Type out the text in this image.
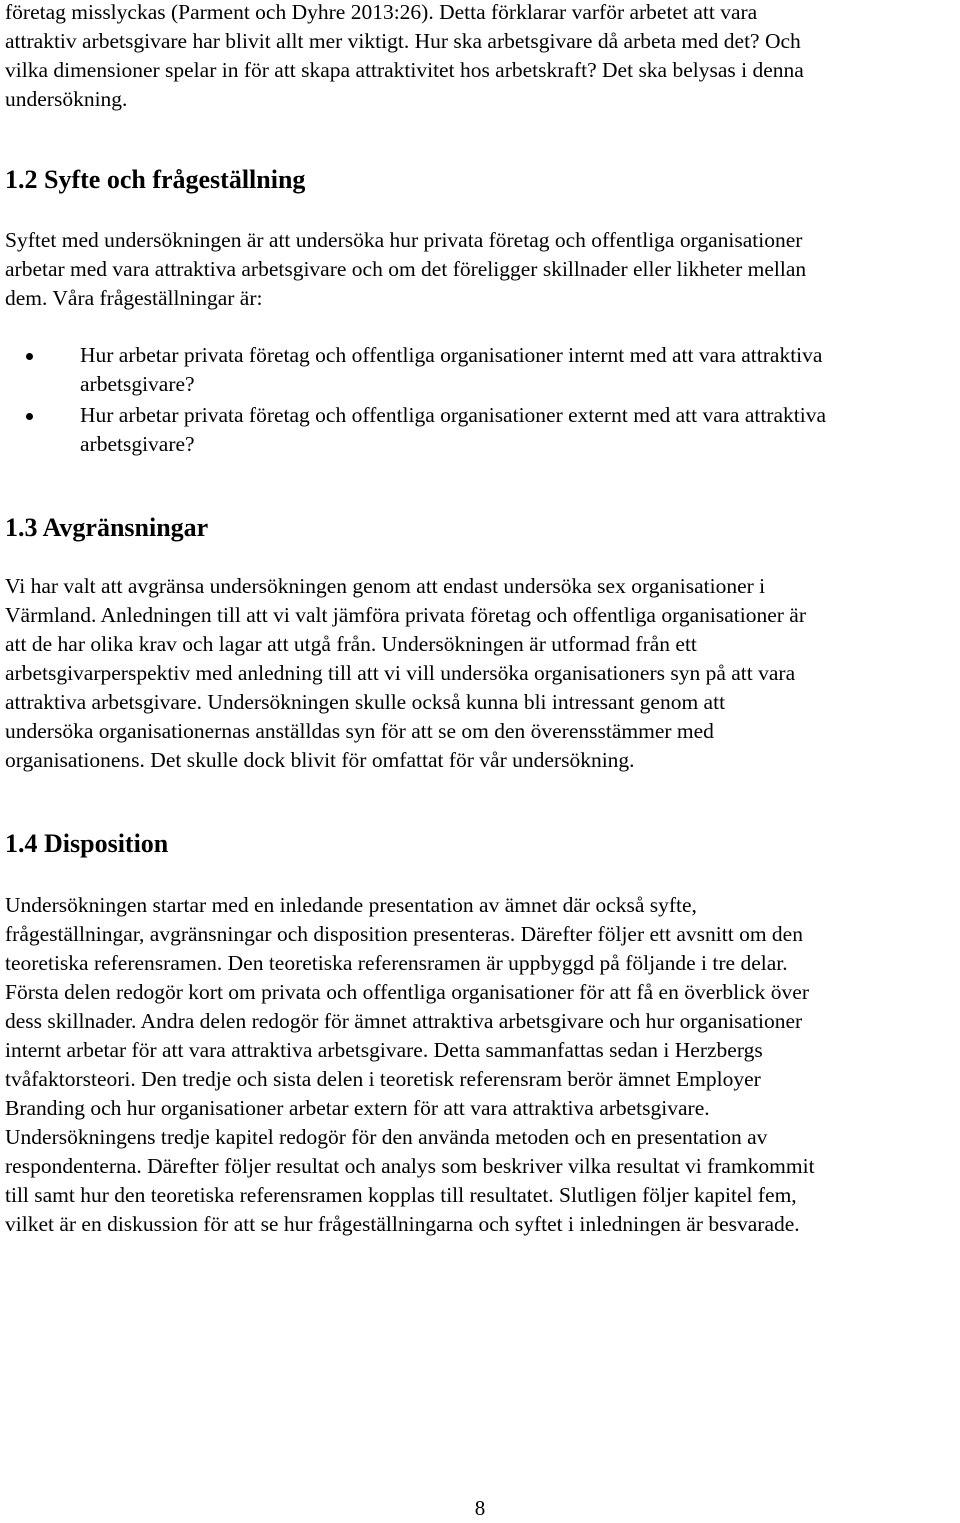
företag misslyckas (Parment och Dyhre 2013:26). Detta förklarar varför arbetet att vara
attraktiv arbetsgivare har blivit allt mer viktigt. Hur ska arbetsgivare då arbeta med det? Och
vilka dimensioner spelar in för att skapa attraktivitet hos arbetskraft? Det ska belysas i denna
undersökning.

1.2 Syfte och frågeställning

Syftet med undersökningen är att undersöka hur privata företag och offentliga organisationer
arbetar med vara attraktiva arbetsgivare och om det föreligger skillnader eller likheter mellan
dem. Våra frågeställningar är:

Hur arbetar privata företag och offentliga organisationer internt med att vara attraktiva
arbetsgivare?
Hur arbetar privata företag och offentliga organisationer externt med att vara attraktiva
arbetsgivare?
1.3 Avgränsningar

Vi har valt att avgränsa undersökningen genom att endast undersöka sex organisationer i
Värmland. Anledningen till att vi valt jämföra privata företag och offentliga organisationer är
att de har olika krav och lagar att utgå från. Undersökningen är utformad från ett
arbetsgivarperspektiv med anledning till att vi vill undersöka organisationers syn på att vara
attraktiva arbetsgivare. Undersökningen skulle också kunna bli intressant genom att
undersöka organisationernas anställdas syn för att se om den överensstämmer med
organisationens. Det skulle dock blivit för omfattat för vår undersökning.

1.4 Disposition

Undersökningen startar med en inledande presentation av ämnet där också syfte,
frågeställningar, avgränsningar och disposition presenteras. Därefter följer ett avsnitt om den
teoretiska referensramen. Den teoretiska referensramen är uppbyggd på följande i tre delar.
Första delen redogör kort om privata och offentliga organisationer för att få en överblick över
dess skillnader. Andra delen redogör för ämnet attraktiva arbetsgivare och hur organisationer
internt arbetar för att vara attraktiva arbetsgivare. Detta sammanfattas sedan i Herzbergs
tvåfaktorsteori. Den tredje och sista delen i teoretisk referensram berör ämnet Employer
Branding och hur organisationer arbetar extern för att vara attraktiva arbetsgivare.
Undersökningens tredje kapitel redogör för den använda metoden och en presentation av
respondenterna. Därefter följer resultat och analys som beskriver vilka resultat vi framkommit
till samt hur den teoretiska referensramen kopplas till resultatet. Slutligen följer kapitel fem,
vilket är en diskussion för att se hur frågeställningarna och syftet i inledningen är besvarade.

8
